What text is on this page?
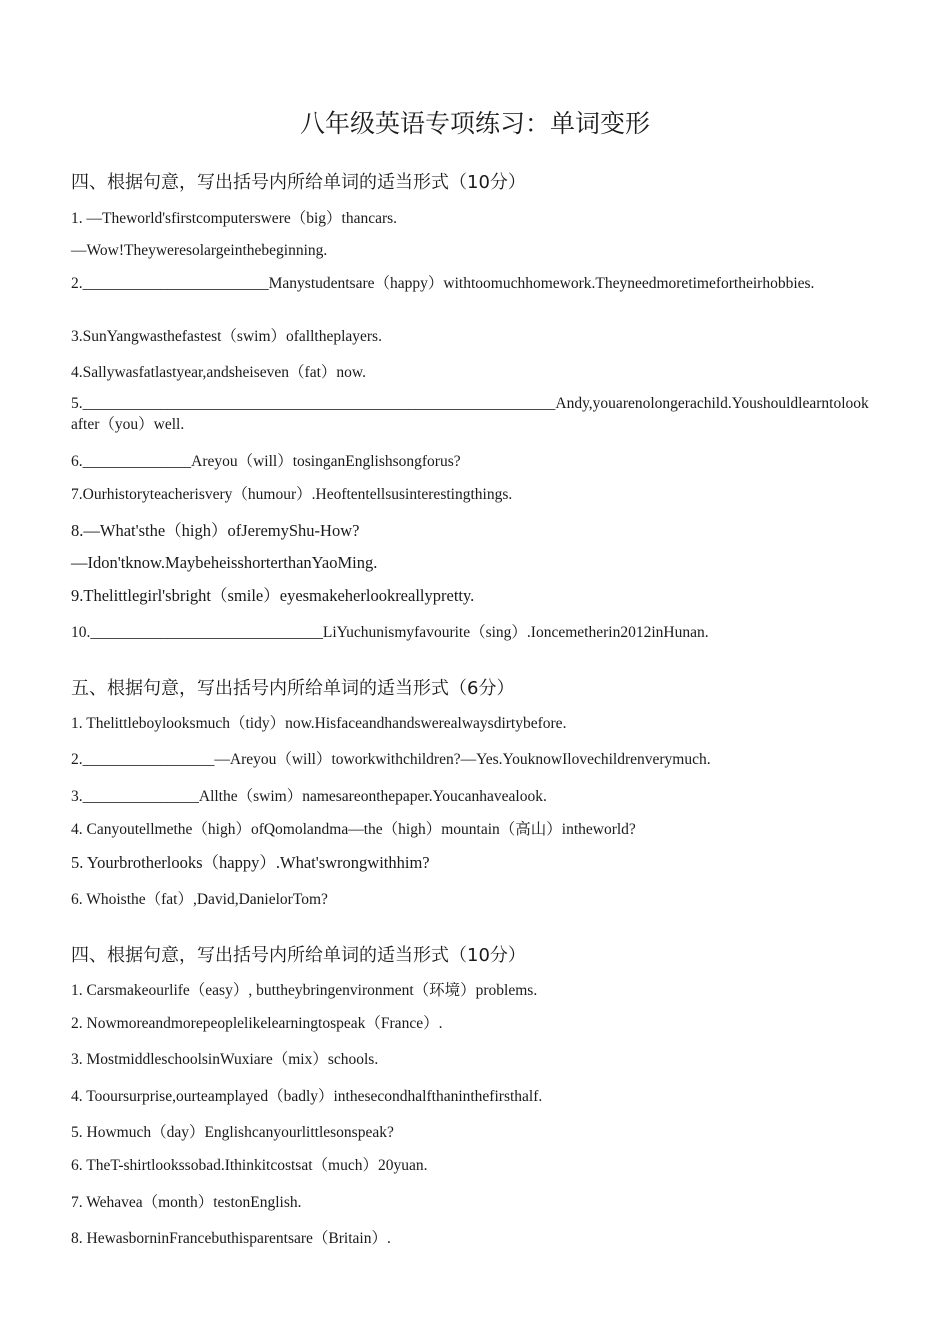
八年级英语专项练习：单词变形
四、根据句意，写出括号内所给单词的适当形式（10分）

1. —Theworld'sfirstcomputerswere（big）thancars.

—Wow!Theyweresolargeinthebeginning.

2.________________________Manystudentsare（happy）withtoomuchhomework.Theyneedmoretimefortheirhobbies.

3.SunYangwasthefastest（swim）ofalltheplayers.

4.Sallywasfatlastyear,andsheiseven（fat）now.

5._____________________________________________________________Andy,youarenolongerachild.Youshouldlearntolookafter（you）well.

6.______________Areyou（will）tosinganEnglishsongforus?

7.Ourhistoryteacherisvery（humour）.Heoftentellsusinterestingthings.

8.—What'sthe（high）ofJeremyShu-How?

—Idon'tknow.MaybeheisshorterthanYaoMing.

9.Thelittlegirl'sbright（smile）eyesmakeherlookreallypretty.

10.______________________________LiYuchunismyfavourite（sing）.Ioncemetherin2012inHunan.

五、根据句意，写出括号内所给单词的适当形式（6分）

1. Thelittleboylooksmuch（tidy）now.Hisfaceandhandswerealwaysdirtybefore.

2._________________—Areyou（will）toworkwithchildren?—Yes.YouknowIlovechildrenverymuch.

3._______________Allthe（swim）namesareonthepaper.Youcanhavealook.

4. Canyoutellmethe（high）ofQomolandma—the（high）mountain（高山）intheworld?

5. Yourbrotherlooks（happy）.What'swrongwithhim?

6. Whoisthe（fat）,David,DanielorTom?

四、根据句意，写出括号内所给单词的适当形式（10分）

1. Carsmakeourlife（easy）, buttheybringenvironment（环境）problems.

2. Nowmoreandmorepeoplelikelearningtospeak（France）.

3. MostmiddleschoolsinWuxiare（mix）schools.

4. Tooursurprise,ourteamplayed（badly）inthesecondhalfthaninthefirsthalf.

5. Howmuch（day）Englishcanyourlittlesonspeak?

6. TheT-shirtlookssobad.Ithinkitcostsat（much）20yuan.

7. Wehavea（month）testonEnglish.

8. HewasborninFrancebuthisparentsare（Britain）.
